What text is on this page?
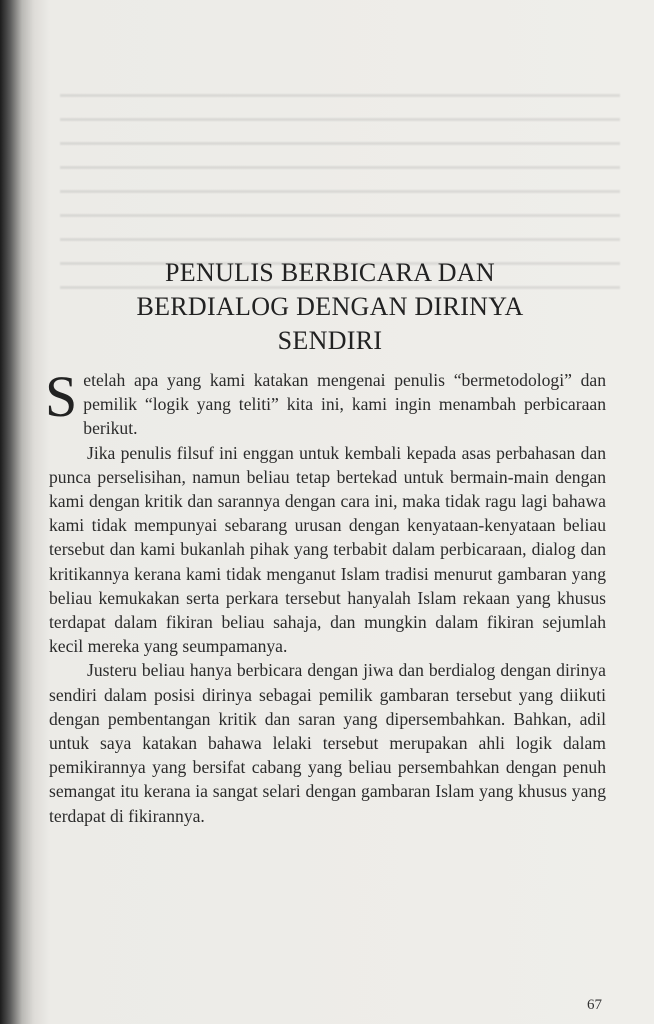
PENULIS BERBICARA DAN
BERDIALOG DENGAN DIRINYA
SENDIRI

Setelah apa yang kami katakan mengenai penulis “bermetodologi” dan pemilik “logik yang teliti” kita ini, kami ingin menambah perbicaraan berikut.

Jika penulis filsuf ini enggan untuk kembali kepada asas perbahasan dan punca perselisihan, namun beliau tetap bertekad untuk bermain-main dengan kami dengan kritik dan sarannya dengan cara ini, maka tidak ragu lagi bahawa kami tidak mempunyai sebarang urusan dengan kenyataan-kenyataan beliau tersebut dan kami bukanlah pihak yang terbabit dalam perbicaraan, dialog dan kritikannya kerana kami tidak menganut Islam tradisi menurut gambaran yang beliau kemukakan serta perkara tersebut hanyalah Islam rekaan yang khusus terdapat dalam fikiran beliau sahaja, dan mungkin dalam fikiran sejumlah kecil mereka yang seumpamanya.

Justeru beliau hanya berbicara dengan jiwa dan berdialog dengan dirinya sendiri dalam posisi dirinya sebagai pemilik gambaran tersebut yang diikuti dengan pembentangan kritik dan saran yang dipersembahkan. Bahkan, adil untuk saya katakan bahawa lelaki tersebut merupakan ahli logik dalam pemikirannya yang bersifat cabang yang beliau persembahkan dengan penuh semangat itu kerana ia sangat selari dengan gambaran Islam yang khusus yang terdapat di fikirannya.

67
